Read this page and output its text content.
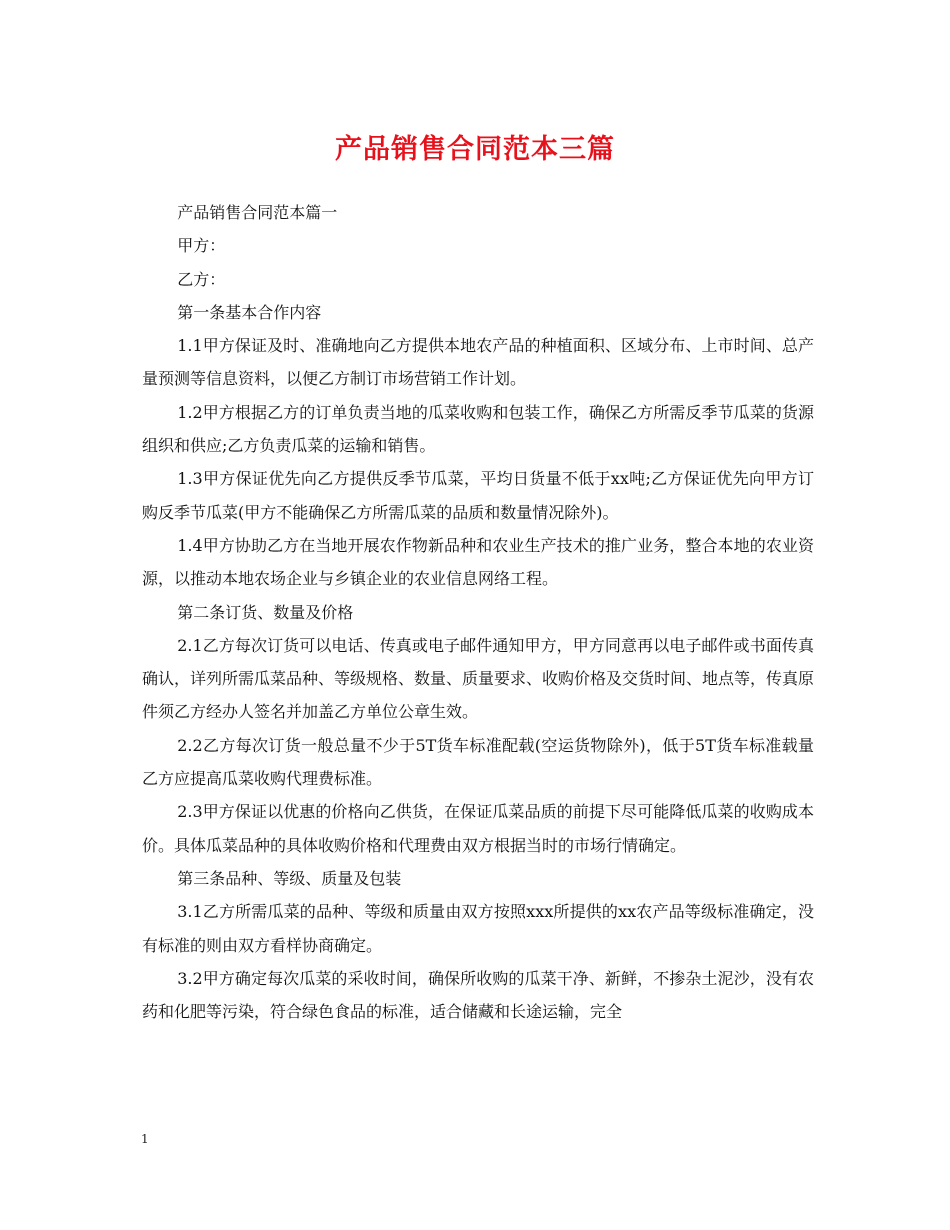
产品销售合同范本三篇

产品销售合同范本篇一

甲方：

乙方：

第一条基本合作内容

1.1甲方保证及时、准确地向乙方提供本地农产品的种植面积、区域分布、上市时间、总产量预测等信息资料，以便乙方制订市场营销工作计划。

1.2甲方根据乙方的订单负责当地的瓜菜收购和包装工作，确保乙方所需反季节瓜菜的货源组织和供应;乙方负责瓜菜的运输和销售。

1.3甲方保证优先向乙方提供反季节瓜菜，平均日货量不低于xx吨;乙方保证优先向甲方订购反季节瓜菜(甲方不能确保乙方所需瓜菜的品质和数量情况除外)。

1.4甲方协助乙方在当地开展农作物新品种和农业生产技术的推广业务，整合本地的农业资源，以推动本地农场企业与乡镇企业的农业信息网络工程。

第二条订货、数量及价格

2.1乙方每次订货可以电话、传真或电子邮件通知甲方，甲方同意再以电子邮件或书面传真确认，详列所需瓜菜品种、等级规格、数量、质量要求、收购价格及交货时间、地点等，传真原件须乙方经办人签名并加盖乙方单位公章生效。

2.2乙方每次订货一般总量不少于5T货车标准配载(空运货物除外)，低于5T货车标准载量乙方应提高瓜菜收购代理费标准。

2.3甲方保证以优惠的价格向乙供货，在保证瓜菜品质的前提下尽可能降低瓜菜的收购成本价。具体瓜菜品种的具体收购价格和代理费由双方根据当时的市场行情确定。

第三条品种、等级、质量及包装

3.1乙方所需瓜菜的品种、等级和质量由双方按照xxx所提供的xx农产品等级标准确定，没有标准的则由双方看样协商确定。

3.2甲方确定每次瓜菜的采收时间，确保所收购的瓜菜干净、新鲜，不掺杂土泥沙，没有农药和化肥等污染，符合绿色食品的标准，适合储藏和长途运输，完全

1
